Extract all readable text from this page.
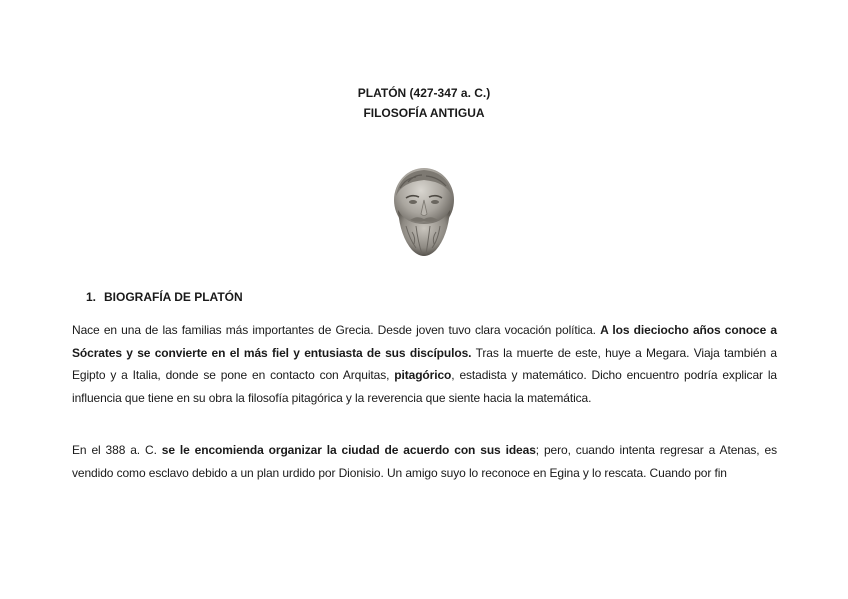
PLATÓN (427-347 a. C.)
FILOSOFÍA ANTIGUA
1. BIOGRAFÍA DE PLATÓN

Nace en una de las familias más importantes de Grecia. Desde joven tuvo clara vocación política. A los dieciocho años conoce a Sócrates y se convierte en el más fiel y entusiasta de sus discípulos. Tras la muerte de este, huye a Megara. Viaja también a Egipto y a Italia, donde se pone en contacto con Arquitas, pitagórico, estadista y matemático. Dicho encuentro podría explicar la influencia que tiene en su obra la filosofía pitagórica y la reverencia que siente hacia la matemática.

En el 388 a. C. se le encomienda organizar la ciudad de acuerdo con sus ideas; pero, cuando intenta regresar a Atenas, es vendido como esclavo debido a un plan urdido por Dionisio. Un amigo suyo lo reconoce en Egina y lo rescata. Cuando por fin
